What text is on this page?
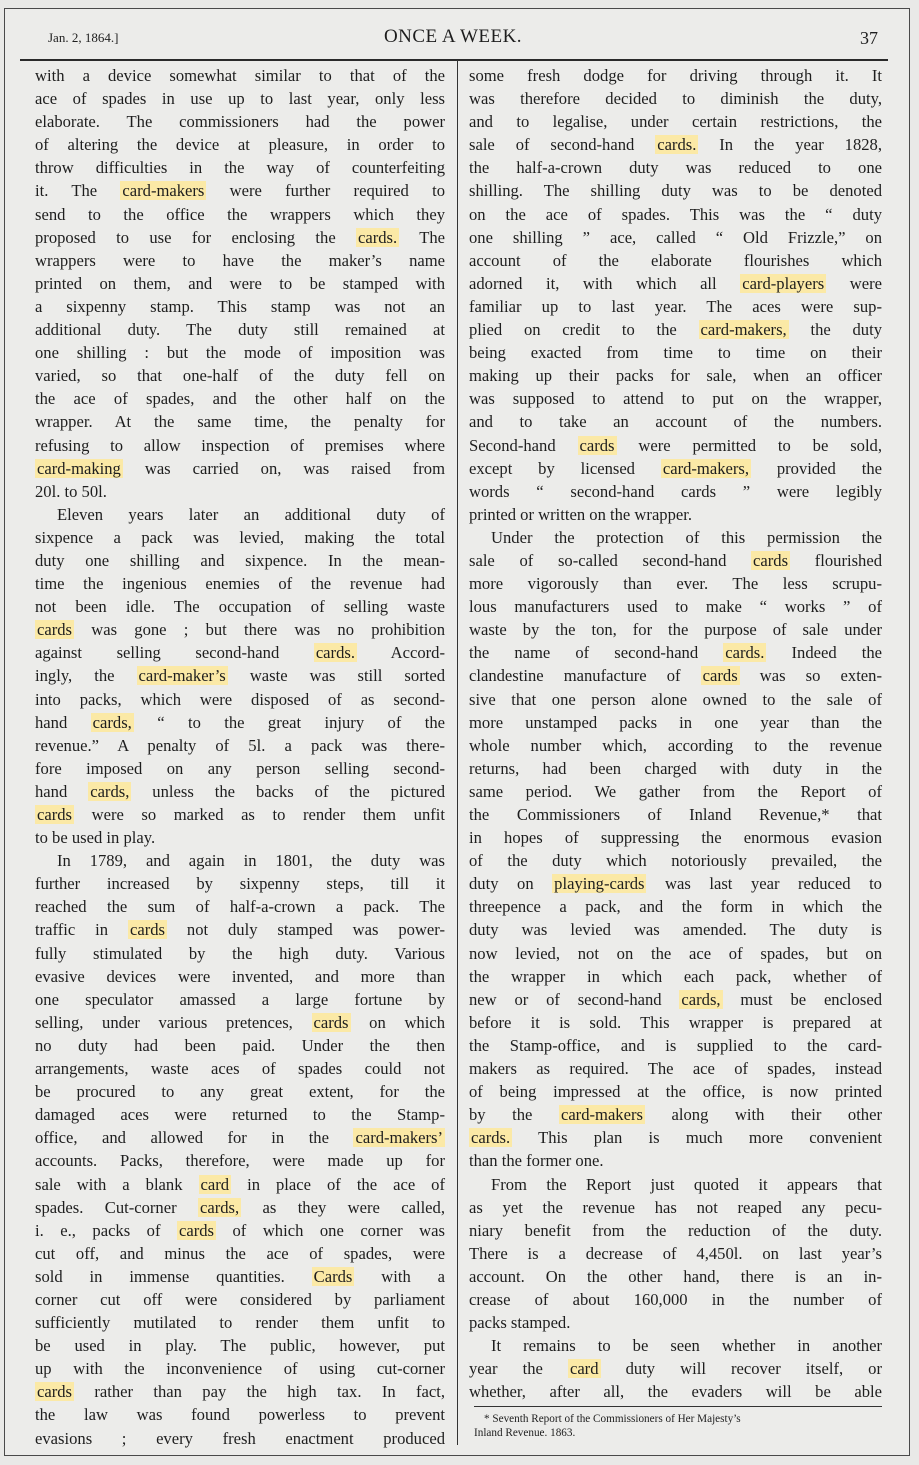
Jan. 2, 1864.]	ONCE A WEEK.	37
with a device somewhat similar to that of the
ace of spades in use up to last year, only less
elaborate. The commissioners had the power
of altering the device at pleasure, in order to
throw difficulties in the way of counterfeiting
it. The card-makers were further required to
send to the office the wrappers which they
proposed to use for enclosing the cards. The
wrappers were to have the maker’s name
printed on them, and were to be stamped with
a sixpenny stamp. This stamp was not an
additional duty. The duty still remained at
one shilling : but the mode of imposition was
varied, so that one-half of the duty fell on
the ace of spades, and the other half on the
wrapper. At the same time, the penalty for
refusing to allow inspection of premises where
card-making was carried on, was raised from
20l. to 50l.
Eleven years later an additional duty of
sixpence a pack was levied, making the total
duty one shilling and sixpence. In the mean-
time the ingenious enemies of the revenue had
not been idle. The occupation of selling waste
cards was gone ; but there was no prohibition
against selling second-hand cards. Accord-
ingly, the card-maker’s waste was still sorted
into packs, which were disposed of as second-
hand cards, “ to the great injury of the
revenue.” A penalty of 5l. a pack was there-
fore imposed on any person selling second-
hand cards, unless the backs of the pictured
cards were so marked as to render them unfit
to be used in play.
In 1789, and again in 1801, the duty was
further increased by sixpenny steps, till it
reached the sum of half-a-crown a pack. The
traffic in cards not duly stamped was power-
fully stimulated by the high duty. Various
evasive devices were invented, and more than
one speculator amassed a large fortune by
selling, under various pretences, cards on which
no duty had been paid. Under the then
arrangements, waste aces of spades could not
be procured to any great extent, for the
damaged aces were returned to the Stamp-
office, and allowed for in the card-makers’
accounts. Packs, therefore, were made up for
sale with a blank card in place of the ace of
spades. Cut-corner cards, as they were called,
i. e., packs of cards of which one corner was
cut off, and minus the ace of spades, were
sold in immense quantities. Cards with a
corner cut off were considered by parliament
sufficiently mutilated to render them unfit to
be used in play. The public, however, put
up with the inconvenience of using cut-corner
cards rather than pay the high tax. In fact,
the law was found powerless to prevent
evasions ; every fresh enactment produced
some fresh dodge for driving through it. It
was therefore decided to diminish the duty,
and to legalise, under certain restrictions, the
sale of second-hand cards. In the year 1828,
the half-a-crown duty was reduced to one
shilling. The shilling duty was to be denoted
on the ace of spades. This was the “ duty
one shilling ” ace, called “ Old Frizzle,” on
account of the elaborate flourishes which
adorned it, with which all card-players were
familiar up to last year. The aces were sup-
plied on credit to the card-makers, the duty
being exacted from time to time on their
making up their packs for sale, when an officer
was supposed to attend to put on the wrapper,
and to take an account of the numbers.
Second-hand cards were permitted to be sold,
except by licensed card-makers, provided the
words “ second-hand cards ” were legibly
printed or written on the wrapper.
Under the protection of this permission the
sale of so-called second-hand cards flourished
more vigorously than ever. The less scrupu-
lous manufacturers used to make “ works ” of
waste by the ton, for the purpose of sale under
the name of second-hand cards. Indeed the
clandestine manufacture of cards was so exten-
sive that one person alone owned to the sale of
more unstamped packs in one year than the
whole number which, according to the revenue
returns, had been charged with duty in the
same period. We gather from the Report of
the Commissioners of Inland Revenue,* that
in hopes of suppressing the enormous evasion
of the duty which notoriously prevailed, the
duty on playing-cards was last year reduced to
threepence a pack, and the form in which the
duty was levied was amended. The duty is
now levied, not on the ace of spades, but on
the wrapper in which each pack, whether of
new or of second-hand cards, must be enclosed
before it is sold. This wrapper is prepared at
the Stamp-office, and is supplied to the card-
makers as required. The ace of spades, instead
of being impressed at the office, is now printed
by the card-makers along with their other
cards. This plan is much more convenient
than the former one.
From the Report just quoted it appears that
as yet the revenue has not reaped any pecu-
niary benefit from the reduction of the duty.
There is a decrease of 4,450l. on last year’s
account. On the other hand, there is an in-
crease of about 160,000 in the number of
packs stamped.
It remains to be seen whether in another
year the card duty will recover itself, or
whether, after all, the evaders will be able
* Seventh Report of the Commissioners of Her Majesty’s
Inland Revenue. 1863.
